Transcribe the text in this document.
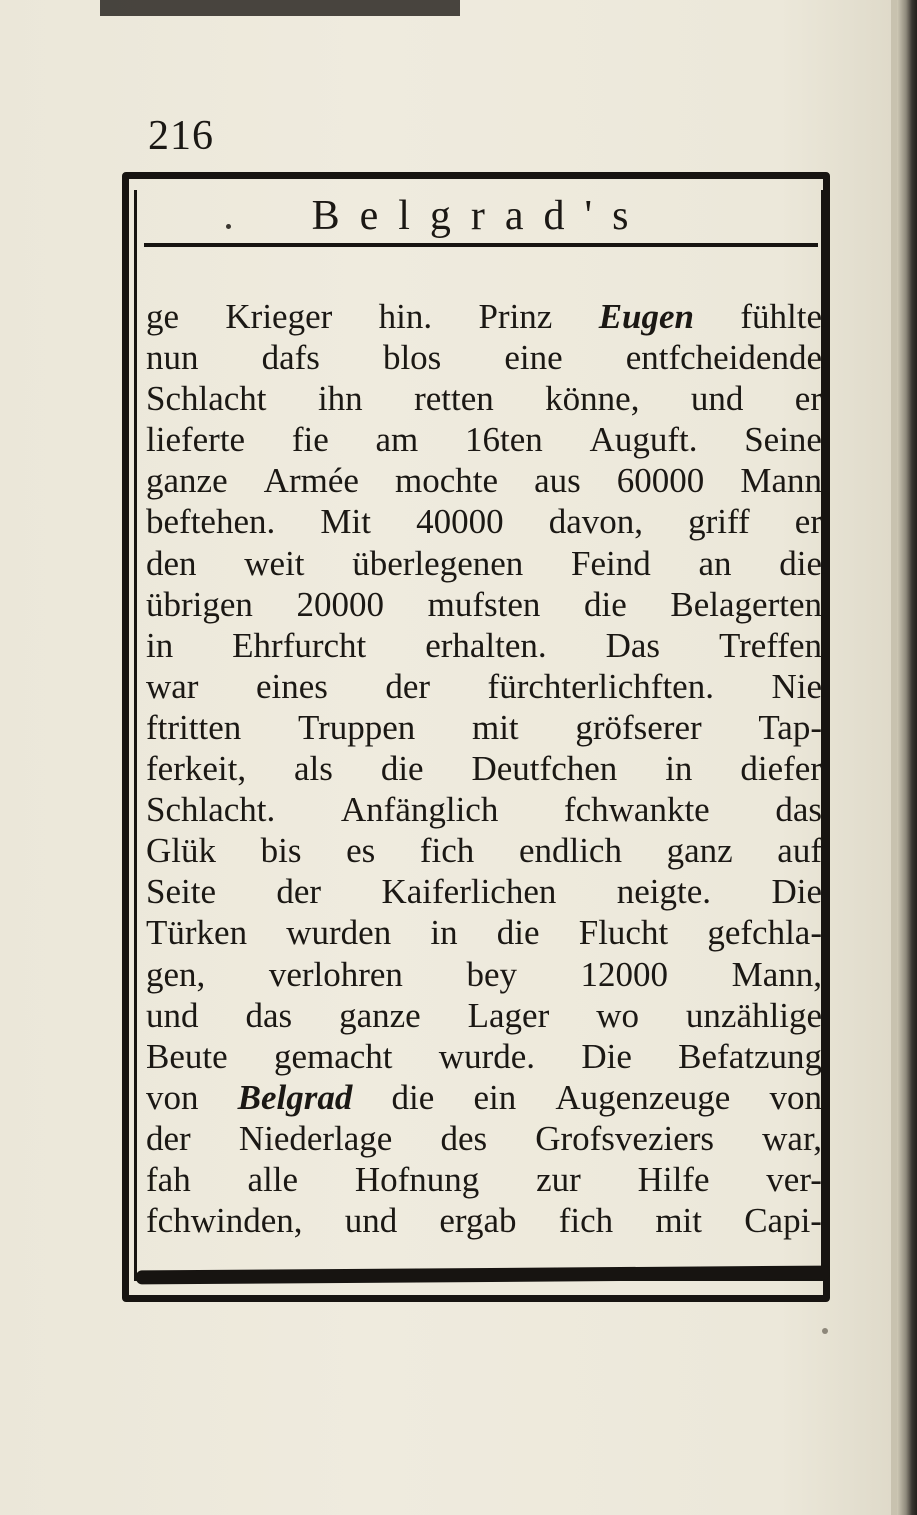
216
Belgrad's

ge Krieger hin. Prinz Eugen fühlte

nun dafs blos eine entfcheidende

Schlacht ihn retten könne, und er

lieferte fie am 16ten Auguft. Seine

ganze Armée mochte aus 60000 Mann

beftehen. Mit 40000 davon, griff er

den weit überlegenen Feind an die

übrigen 20000 mufsten die Belagerten

in Ehrfurcht erhalten. Das Treffen

war eines der fürchterlichften. Nie

ftritten Truppen mit gröfserer Tap-

ferkeit, als die Deutfchen in diefer

Schlacht. Anfänglich fchwankte das

Glük bis es fich endlich ganz auf

Seite der Kaiferlichen neigte. Die

Türken wurden in die Flucht gefchla-

gen, verlohren bey 12000 Mann,

und das ganze Lager wo unzählige

Beute gemacht wurde. Die Befatzung

von Belgrad die ein Augenzeuge von

der Niederlage des Grofsveziers war,

fah alle Hofnung zur Hilfe ver-

fchwinden, und ergab fich mit Capi-
